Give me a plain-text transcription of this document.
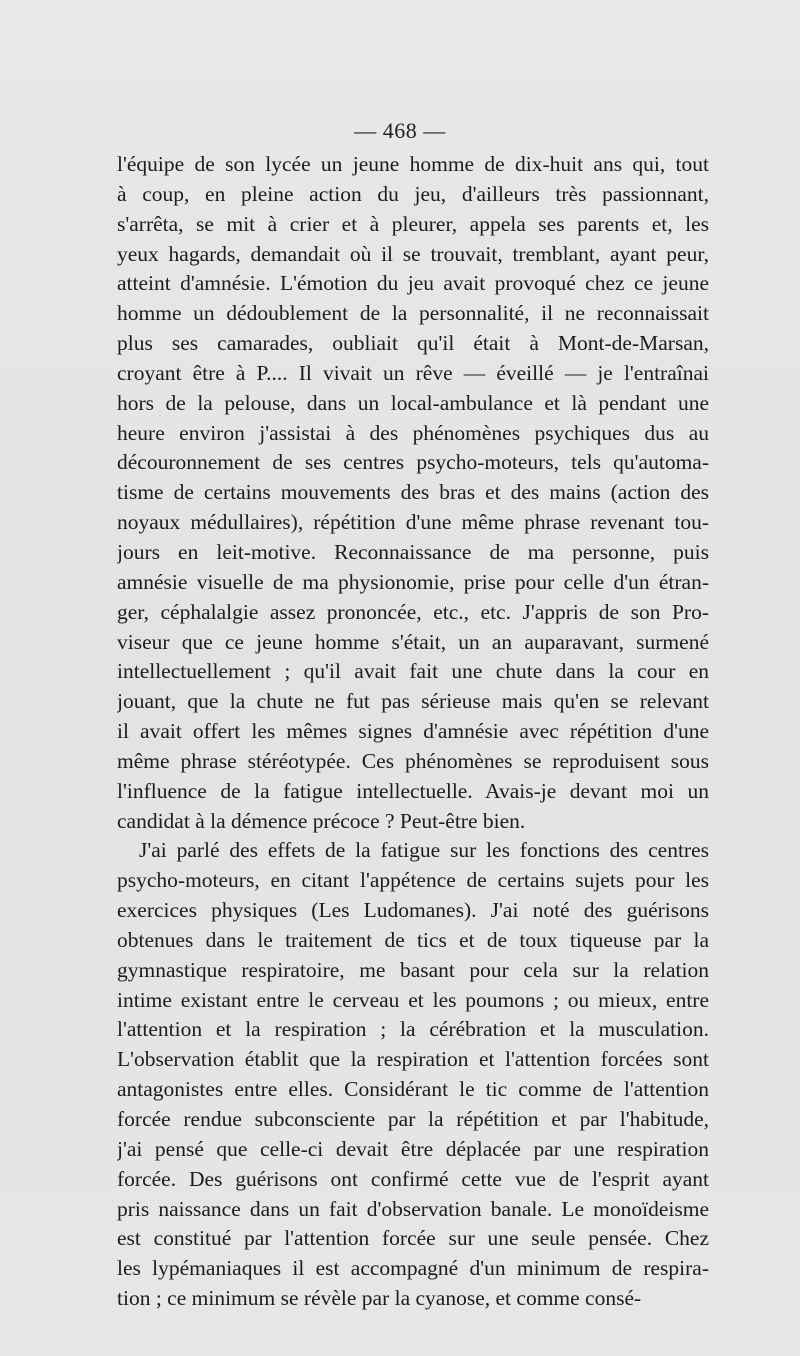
— 468 —
l'équipe de son lycée un jeune homme de dix-huit ans qui, tout
à coup, en pleine action du jeu, d'ailleurs très passionnant,
s'arrêta, se mit à crier et à pleurer, appela ses parents et, les
yeux hagards, demandait où il se trouvait, tremblant, ayant peur,
atteint d'amnésie. L'émotion du jeu avait provoqué chez ce jeune
homme un dédoublement de la personnalité, il ne reconnaissait
plus ses camarades, oubliait qu'il était à Mont-de-Marsan,
croyant être à P.... Il vivait un rêve — éveillé — je l'entraînai
hors de la pelouse, dans un local-ambulance et là pendant une
heure environ j'assistai à des phénomènes psychiques dus au
découronnement de ses centres psycho-moteurs, tels qu'automa-
tisme de certains mouvements des bras et des mains (action des
noyaux médullaires), répétition d'une même phrase revenant tou-
jours en leit-motive. Reconnaissance de ma personne, puis
amnésie visuelle de ma physionomie, prise pour celle d'un étran-
ger, céphalalgie assez prononcée, etc., etc. J'appris de son Pro-
viseur que ce jeune homme s'était, un an auparavant, surmené
intellectuellement ; qu'il avait fait une chute dans la cour en
jouant, que la chute ne fut pas sérieuse mais qu'en se relevant
il avait offert les mêmes signes d'amnésie avec répétition d'une
même phrase stéréotypée. Ces phénomènes se reproduisent sous
l'influence de la fatigue intellectuelle. Avais-je devant moi un
candidat à la démence précoce ? Peut-être bien.
J'ai parlé des effets de la fatigue sur les fonctions des centres
psycho-moteurs, en citant l'appétence de certains sujets pour les
exercices physiques (Les Ludomanes). J'ai noté des guérisons
obtenues dans le traitement de tics et de toux tiqueuse par la
gymnastique respiratoire, me basant pour cela sur la relation
intime existant entre le cerveau et les poumons ; ou mieux, entre
l'attention et la respiration ; la cérébration et la musculation.
L'observation établit que la respiration et l'attention forcées sont
antagonistes entre elles. Considérant le tic comme de l'attention
forcée rendue subconsciente par la répétition et par l'habitude,
j'ai pensé que celle-ci devait être déplacée par une respiration
forcée. Des guérisons ont confirmé cette vue de l'esprit ayant
pris naissance dans un fait d'observation banale. Le monoïdeisme
est constitué par l'attention forcée sur une seule pensée. Chez
les lypémaniaques il est accompagné d'un minimum de respira-
tion ; ce minimum se révèle par la cyanose, et comme consé-
